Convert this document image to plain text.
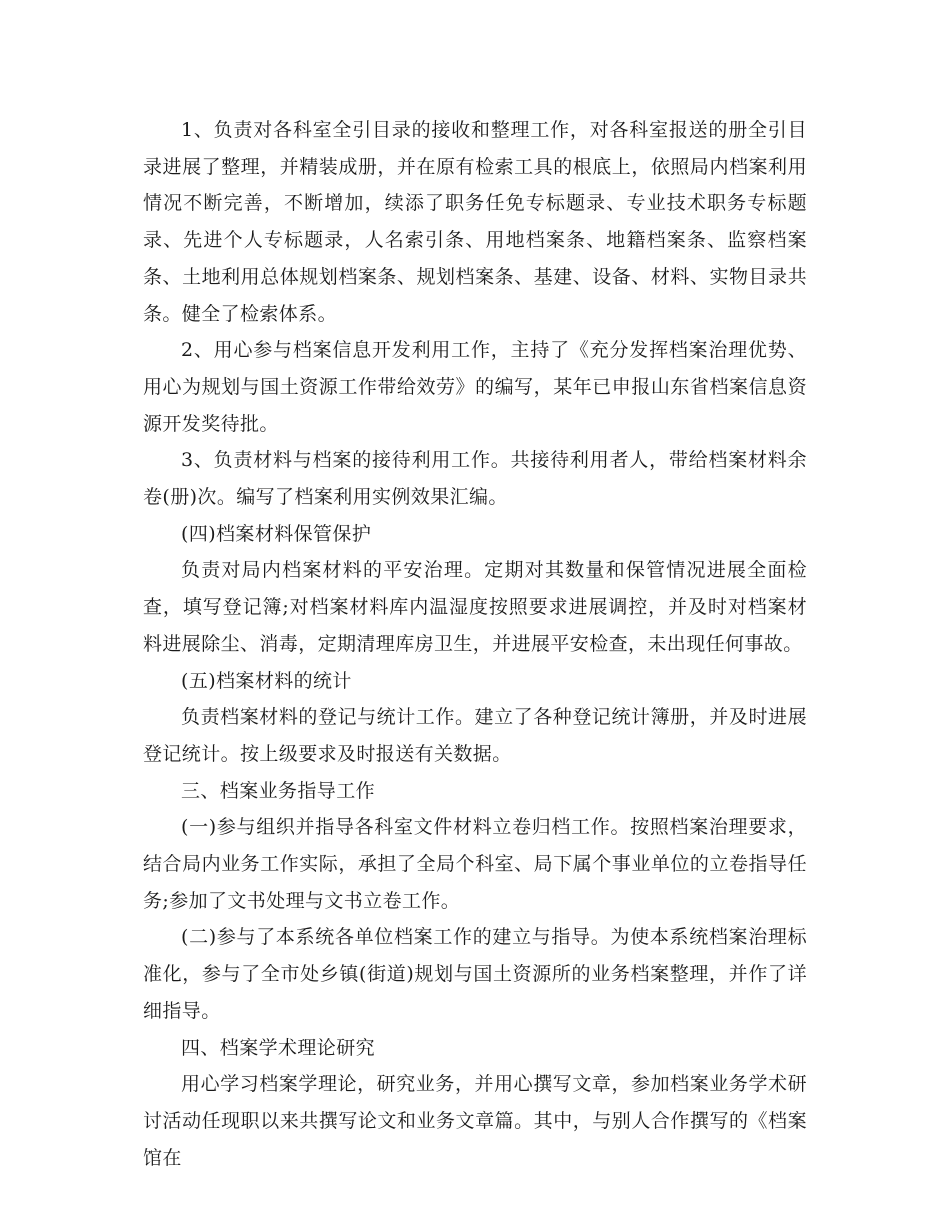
1、负责对各科室全引目录的接收和整理工作，对各科室报送的册全引目录进展了整理，并精装成册，并在原有检索工具的根底上，依照局内档案利用情况不断完善，不断增加，续添了职务任免专标题录、专业技术职务专标题录、先进个人专标题录，人名索引条、用地档案条、地籍档案条、监察档案条、土地利用总体规划档案条、规划档案条、基建、设备、材料、实物目录共条。健全了检索体系。

2、用心参与档案信息开发利用工作，主持了《充分发挥档案治理优势、用心为规划与国土资源工作带给效劳》的编写，某年已申报山东省档案信息资源开发奖待批。

3、负责材料与档案的接待利用工作。共接待利用者人，带给档案材料余卷(册)次。编写了档案利用实例效果汇编。

(四)档案材料保管保护

负责对局内档案材料的平安治理。定期对其数量和保管情况进展全面检查，填写登记簿;对档案材料库内温湿度按照要求进展调控，并及时对档案材料进展除尘、消毒，定期清理库房卫生，并进展平安检查，未出现任何事故。

(五)档案材料的统计

负责档案材料的登记与统计工作。建立了各种登记统计簿册，并及时进展登记统计。按上级要求及时报送有关数据。

三、档案业务指导工作

(一)参与组织并指导各科室文件材料立卷归档工作。按照档案治理要求，结合局内业务工作实际，承担了全局个科室、局下属个事业单位的立卷指导任务;参加了文书处理与文书立卷工作。

(二)参与了本系统各单位档案工作的建立与指导。为使本系统档案治理标准化，参与了全市处乡镇(街道)规划与国土资源所的业务档案整理，并作了详细指导。

四、档案学术理论研究

用心学习档案学理论，研究业务，并用心撰写文章，参加档案业务学术研讨活动任现职以来共撰写论文和业务文章篇。其中，与别人合作撰写的《档案馆在
